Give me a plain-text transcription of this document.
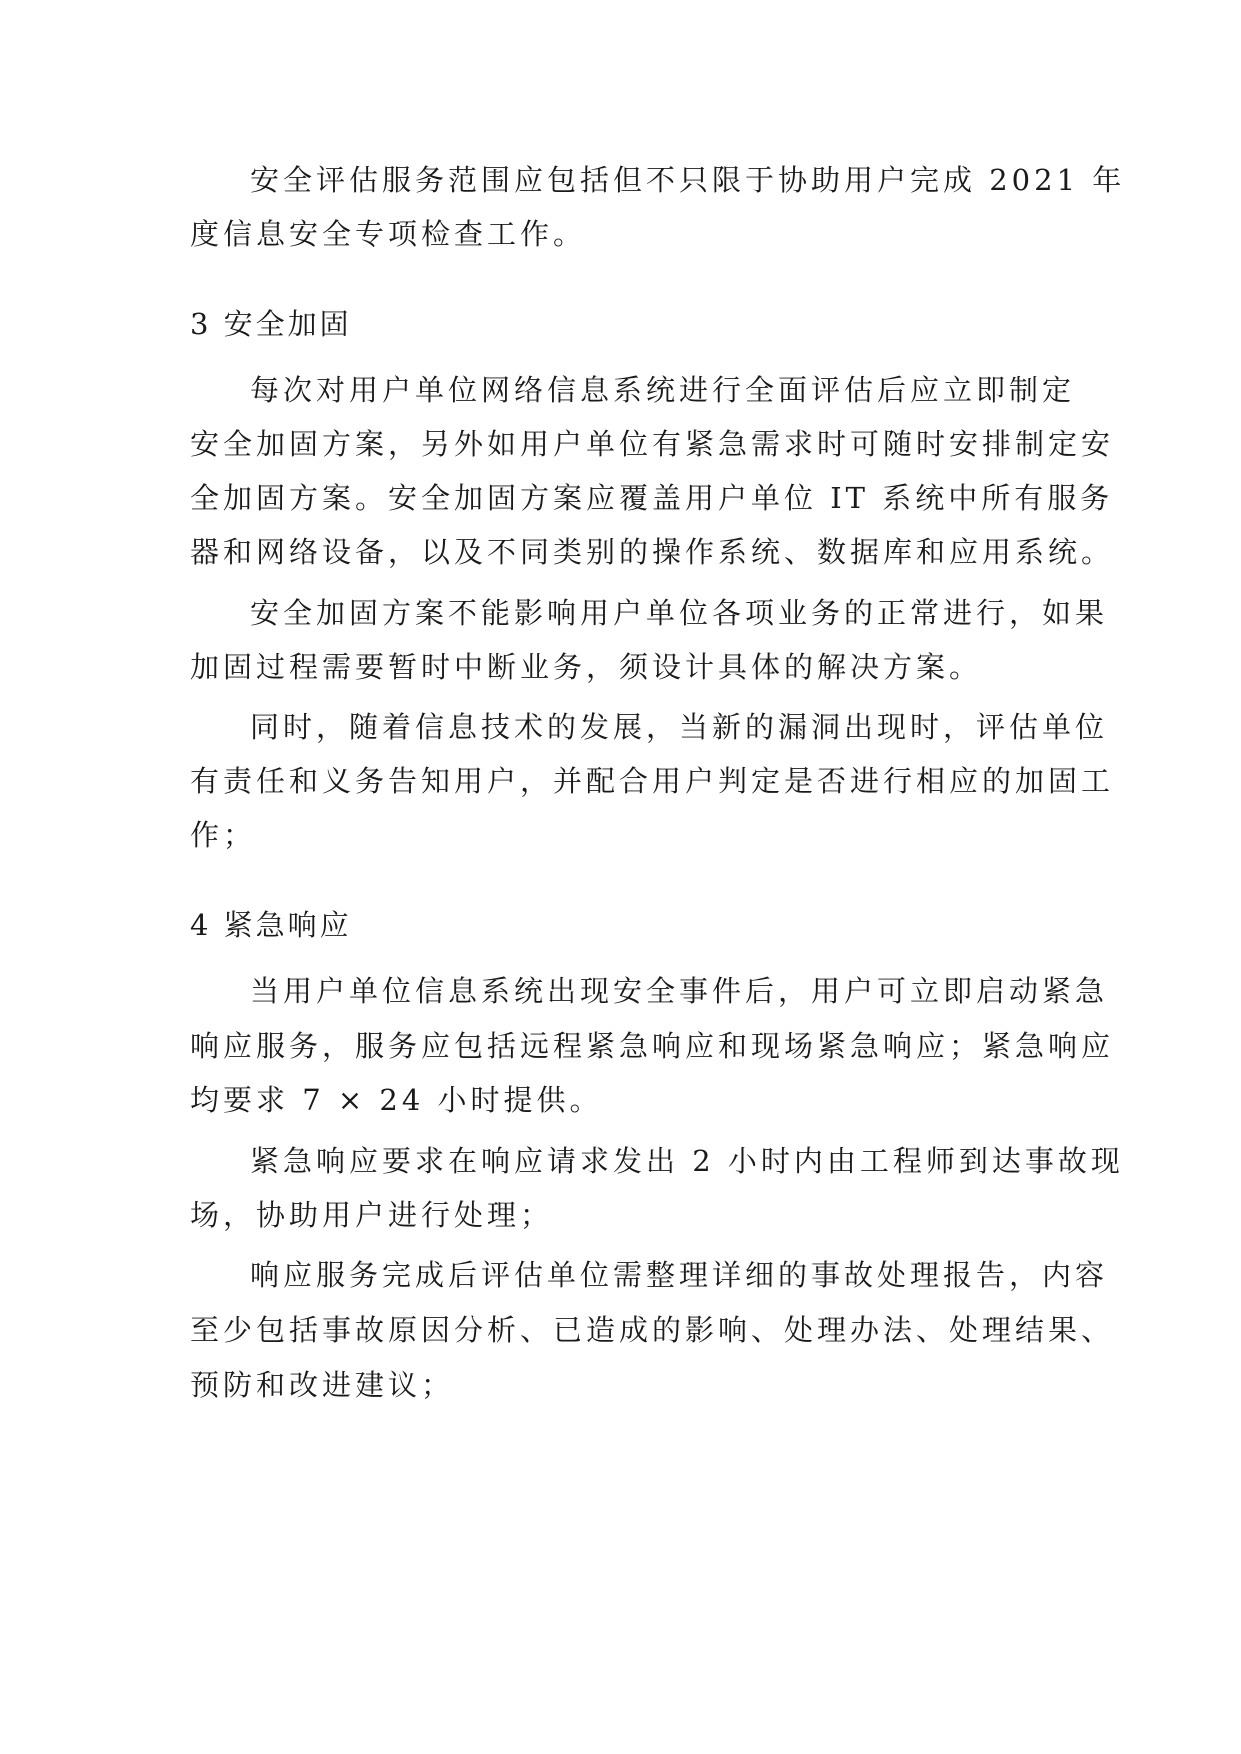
安全评估服务范围应包括但不只限于协助用户完成 2021 年
度信息安全专项检查工作。
3 安全加固
每次对用户单位网络信息系统进行全面评估后应立即制定
安全加固方案，另外如用户单位有紧急需求时可随时安排制定安
全加固方案。安全加固方案应覆盖用户单位 IT 系统中所有服务
器和网络设备，以及不同类别的操作系统、数据库和应用系统。
安全加固方案不能影响用户单位各项业务的正常进行，如果
加固过程需要暂时中断业务，须设计具体的解决方案。
同时，随着信息技术的发展，当新的漏洞出现时，评估单位
有责任和义务告知用户，并配合用户判定是否进行相应的加固工
作；
4 紧急响应
当用户单位信息系统出现安全事件后，用户可立即启动紧急
响应服务，服务应包括远程紧急响应和现场紧急响应；紧急响应
均要求 7 × 24 小时提供。
紧急响应要求在响应请求发出 2 小时内由工程师到达事故现
场，协助用户进行处理；
响应服务完成后评估单位需整理详细的事故处理报告，内容
至少包括事故原因分析、已造成的影响、处理办法、处理结果、
预防和改进建议；
